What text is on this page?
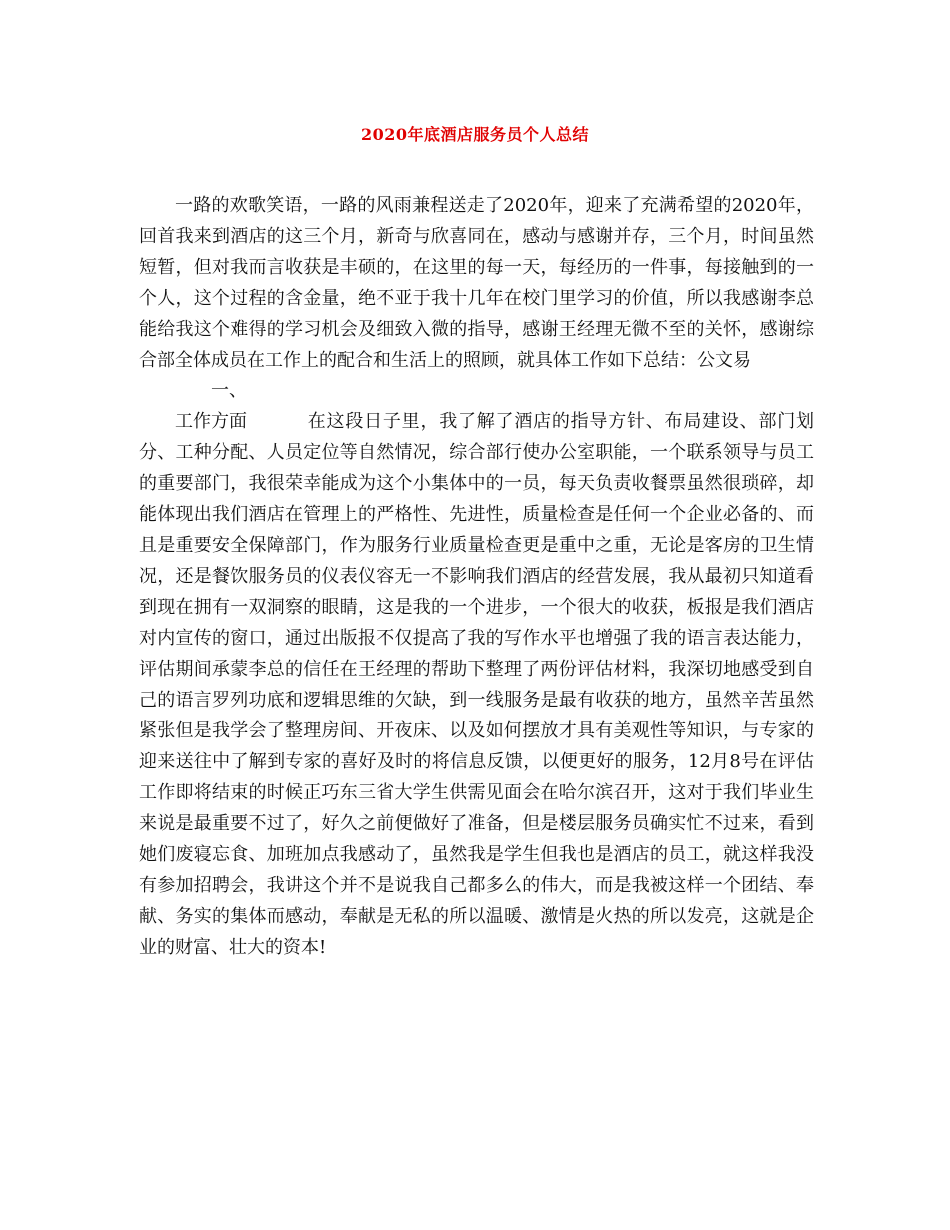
2020年底酒店服务员个人总结

一路的欢歌笑语，一路的风雨兼程送走了2020年，迎来了充满希望的2020年，回首我来到酒店的这三个月，新奇与欣喜同在，感动与感谢并存，三个月，时间虽然短暂，但对我而言收获是丰硕的，在这里的每一天，每经历的一件事，每接触到的一个人，这个过程的含金量，绝不亚于我十几年在校门里学习的价值，所以我感谢李总能给我这个难得的学习机会及细致入微的指导，感谢王经理无微不至的关怀，感谢综合部全体成员在工作上的配合和生活上的照顾，就具体工作如下总结：公文易

一、工作方面	在这段日子里，我了解了酒店的指导方针、布局建设、部门划分、工种分配、人员定位等自然情况，综合部行使办公室职能，一个联系领导与员工的重要部门，我很荣幸能成为这个小集体中的一员，每天负责收餐票虽然很琐碎，却能体现出我们酒店在管理上的严格性、先进性，质量检查是任何一个企业必备的、而且是重要安全保障部门，作为服务行业质量检查更是重中之重，无论是客房的卫生情况，还是餐饮服务员的仪表仪容无一不影响我们酒店的经营发展，我从最初只知道看到现在拥有一双洞察的眼睛，这是我的一个进步，一个很大的收获，板报是我们酒店对内宣传的窗口，通过出版报不仅提高了我的写作水平也增强了我的语言表达能力，评估期间承蒙李总的信任在王经理的帮助下整理了两份评估材料，我深切地感受到自己的语言罗列功底和逻辑思维的欠缺，到一线服务是最有收获的地方，虽然辛苦虽然紧张但是我学会了整理房间、开夜床、以及如何摆放才具有美观性等知识，与专家的迎来送往中了解到专家的喜好及时的将信息反馈，以便更好的服务，12月8号在评估工作即将结束的时候正巧东三省大学生供需见面会在哈尔滨召开，这对于我们毕业生来说是最重要不过了，好久之前便做好了准备，但是楼层服务员确实忙不过来，看到她们废寝忘食、加班加点我感动了，虽然我是学生但我也是酒店的员工，就这样我没有参加招聘会，我讲这个并不是说我自己都多么的伟大，而是我被这样一个团结、奉献、务实的集体而感动，奉献是无私的所以温暖、激情是火热的所以发亮，这就是企业的财富、壮大的资本!
